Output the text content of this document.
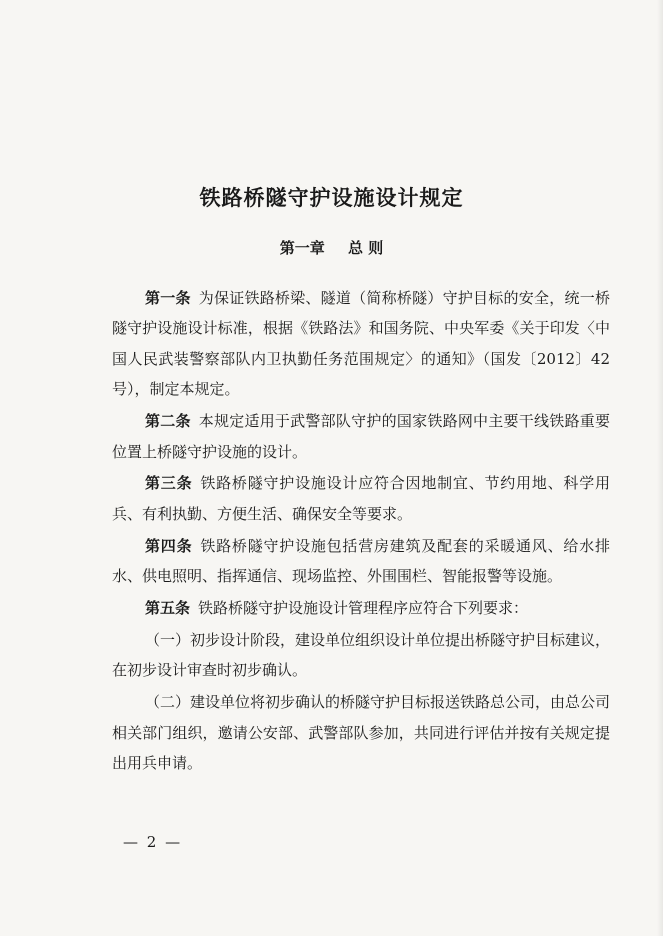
铁路桥隧守护设施设计规定
第一章 总 则

第一条 为保证铁路桥梁、隧道（简称桥隧）守护目标的安全，统一桥隧守护设施设计标准，根据《铁路法》和国务院、中央军委《关于印发〈中国人民武装警察部队内卫执勤任务范围规定〉的通知》（国发〔2012〕42号），制定本规定。

第二条 本规定适用于武警部队守护的国家铁路网中主要干线铁路重要位置上桥隧守护设施的设计。

第三条 铁路桥隧守护设施设计应符合因地制宜、节约用地、科学用兵、有利执勤、方便生活、确保安全等要求。

第四条 铁路桥隧守护设施包括营房建筑及配套的采暖通风、给水排水、供电照明、指挥通信、现场监控、外围围栏、智能报警等设施。

第五条 铁路桥隧守护设施设计管理程序应符合下列要求：

（一）初步设计阶段，建设单位组织设计单位提出桥隧守护目标建议，在初步设计审查时初步确认。

（二）建设单位将初步确认的桥隧守护目标报送铁路总公司，由总公司相关部门组织，邀请公安部、武警部队参加，共同进行评估并按有关规定提出用兵申请。

— 2 —
